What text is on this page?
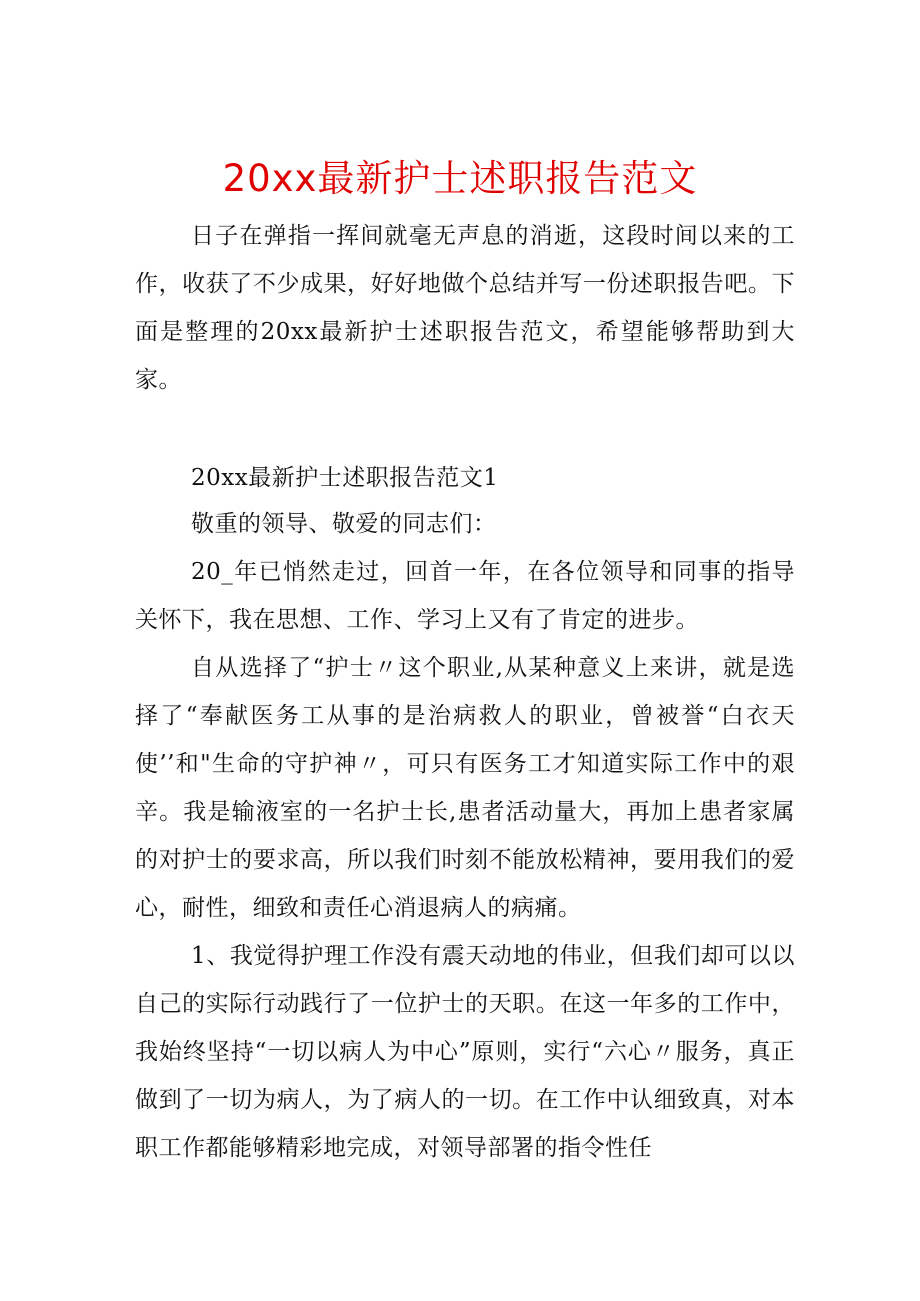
20xx最新护士述职报告范文

日子在弹指一挥间就毫无声息的消逝，这段时间以来的工作，收获了不少成果，好好地做个总结并写一份述职报告吧。下面是整理的20xx最新护士述职报告范文，希望能够帮助到大家。

20xx最新护士述职报告范文1

敬重的领导、敬爱的同志们：

20_年已悄然走过，回首一年，在各位领导和同事的指导关怀下，我在思想、工作、学习上又有了肯定的进步。

自从选择了“护士〃这个职业,从某种意义上来讲，就是选择了“奉献医务工从事的是治病救人的职业，曾被誉“白衣天使’’和"生命的守护神〃，可只有医务工才知道实际工作中的艰辛。我是输液室的一名护士长,患者活动量大，再加上患者家属的对护士的要求高，所以我们时刻不能放松精神，要用我们的爱心，耐性，细致和责任心消退病人的病痛。

1、我觉得护理工作没有震天动地的伟业，但我们却可以以自己的实际行动践行了一位护士的天职。在这一年多的工作中，我始终坚持“一切以病人为中心”原则，实行“六心〃服务，真正做到了一切为病人，为了病人的一切。在工作中认细致真，对本职工作都能够精彩地完成，对领导部署的指令性任
